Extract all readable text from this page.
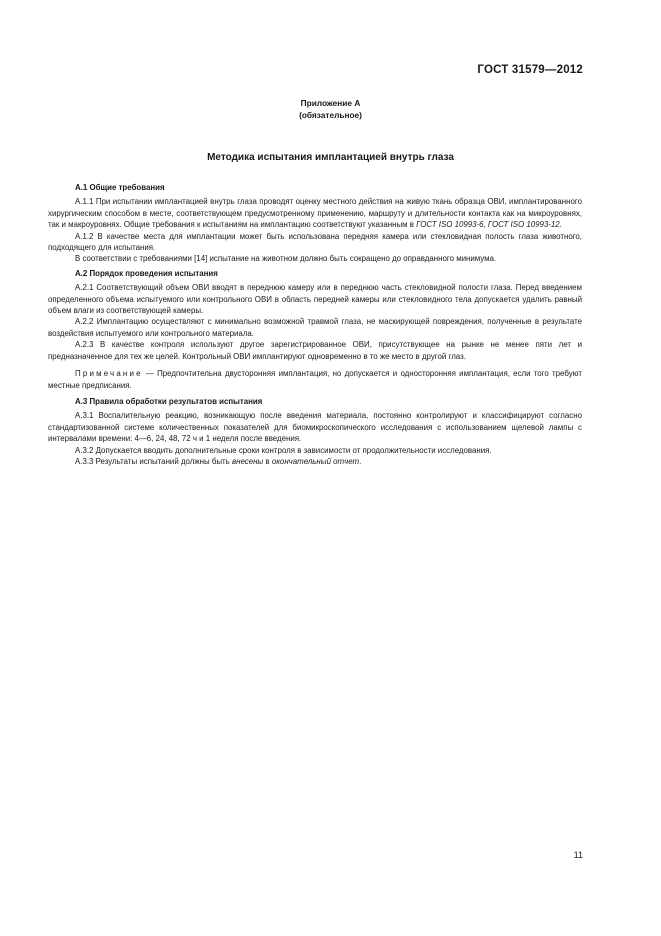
ГОСТ 31579—2012
Приложение А
(обязательное)
Методика испытания имплантацией внутрь глаза
А.1 Общие требования

А.1.1 При испытании имплантацией внутрь глаза проводят оценку местного действия на живую ткань образца ОВИ, имплантированного хирургическим способом в месте, соответствующем предусмотренному применению, маршруту и длительности контакта как на микроуровнях, так и макроуровнях. Общие требования к испытаниям на имплантацию соответствуют указанным в ГОСТ ISO 10993-6, ГОСТ ISO 10993-12.

А.1.2 В качестве места для имплантации может быть использована передняя камера или стекловидная полость глаза животного, подходящего для испытания.

В соответствии с требованиями [14] испытание на животном должно быть сокращено до оправданного минимума.

А.2 Порядок проведения испытания

А.2.1 Соответствующий объем ОВИ вводят в переднюю камеру или в переднюю часть стекловидной полости глаза. Перед введением определенного объема испытуемого или контрольного ОВИ в область передней камеры или стекловидного тела допускается удалить равный объем влаги из соответствующей камеры.

А.2.2 Имплантацию осуществляют с минимально возможной травмой глаза, не маскирующей повреждения, полученные в результате воздействия испытуемого или контрольного материала.

А.2.3 В качестве контроля используют другое зарегистрированное ОВИ, присутствующее на рынке не менее пяти лет и предназначенное для тех же целей. Контрольный ОВИ имплантируют одновременно в то же место в другой глаз.

Примечание — Предпочтительна двусторонняя имплантация, но допускается и односторонняя имплантация, если того требуют местные предписания.

А.3 Правила обработки результатов испытания

А.3.1 Воспалительную реакцию, возникающую после введения материала, постоянно контролируют и классифицируют согласно стандартизованной системе количественных показателей для биомикроскопического исследования с использованием щелевой лампы с интервалами времени: 4—6, 24, 48, 72 ч и 1 неделя после введения.

А.3.2 Допускается вводить дополнительные сроки контроля в зависимости от продолжительности исследования.

А.3.3 Результаты испытаний должны быть внесены в окончательный отчет.

11
